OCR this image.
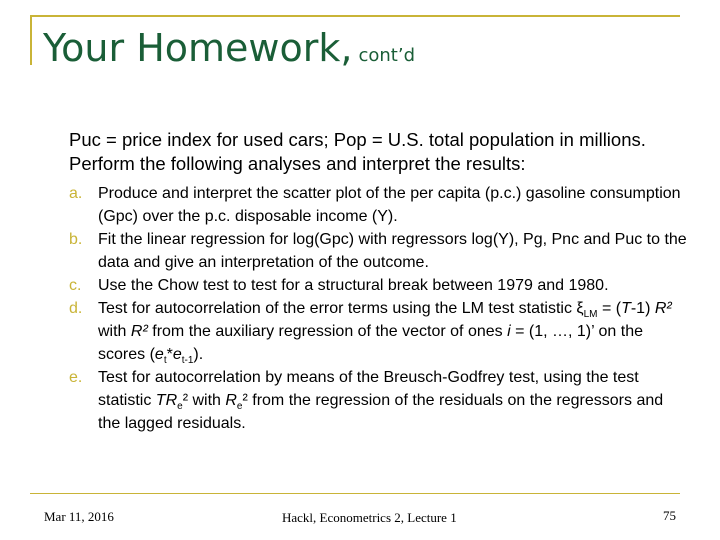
Your Homework, cont’d

Puc = price index for used cars; Pop = U.S. total population in millions. Perform the following analyses and interpret the results:

a. Produce and interpret the scatter plot of the per capita (p.c.) gasoline consumption (Gpc) over the p.c. disposable income (Y).
b. Fit the linear regression for log(Gpc) with regressors log(Y), Pg, Pnc and Puc to the data and give an interpretation of the outcome.
c. Use the Chow test to test for a structural break between 1979 and 1980.
d. Test for autocorrelation of the error terms using the LM test statistic $\xi_{LM} = (T-1)$ R² with R² from the auxiliary regression of the vector of ones i = (1, …, 1)’ on the scores $(e_t*e_{t-1})$.
e. Test for autocorrelation by means of the Breusch-Godfrey test, using the test statistic $TR_e^2$ with $R_e^2$ from the regression of the residuals on the regressors and the lagged residuals.
Mar 11, 2016	Hackl, Econometrics 2, Lecture 1	75
